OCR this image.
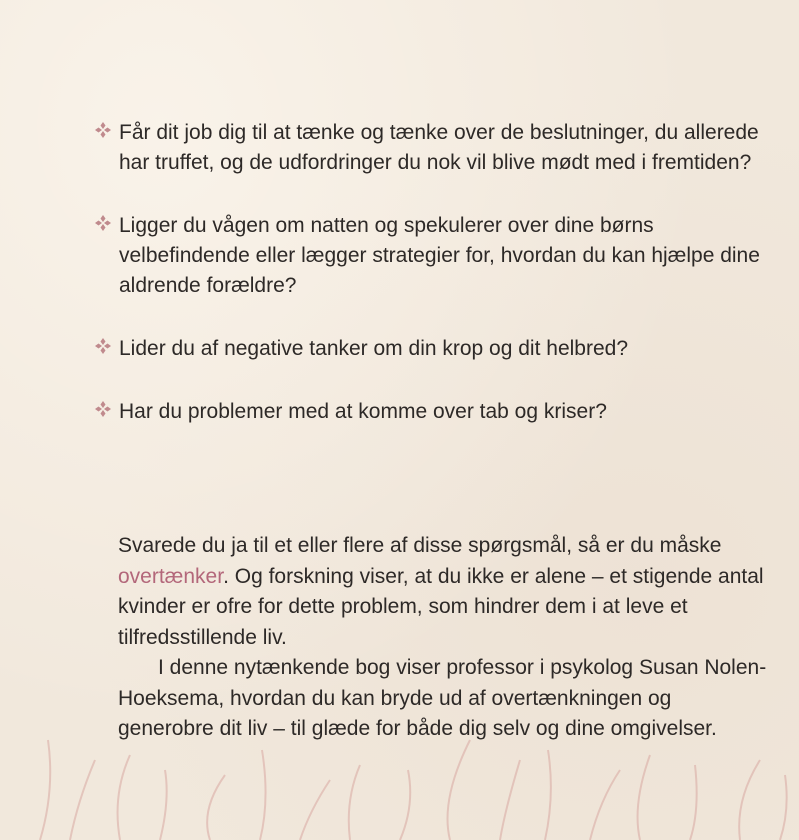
Får dit job dig til at tænke og tænke over de beslutninger, du allerede har truffet, og de udfordringer du nok vil blive mødt med i fremtiden?

Ligger du vågen om natten og spekulerer over dine børns velbefindende eller lægger strategier for, hvordan du kan hjælpe dine aldrende forældre?

Lider du af negative tanker om din krop og dit helbred?

Har du problemer med at komme over tab og kriser?

Svarede du ja til et eller flere af disse spørgsmål, så er du måske overtænker. Og forskning viser, at du ikke er alene – et stigende antal kvinder er ofre for dette problem, som hindrer dem i at leve et tilfredsstillende liv.

I denne nytænkende bog viser professor i psykolog Susan Nolen-Hoeksema, hvordan du kan bryde ud af overtænkningen og generobre dit liv – til glæde for både dig selv og dine omgivelser.
